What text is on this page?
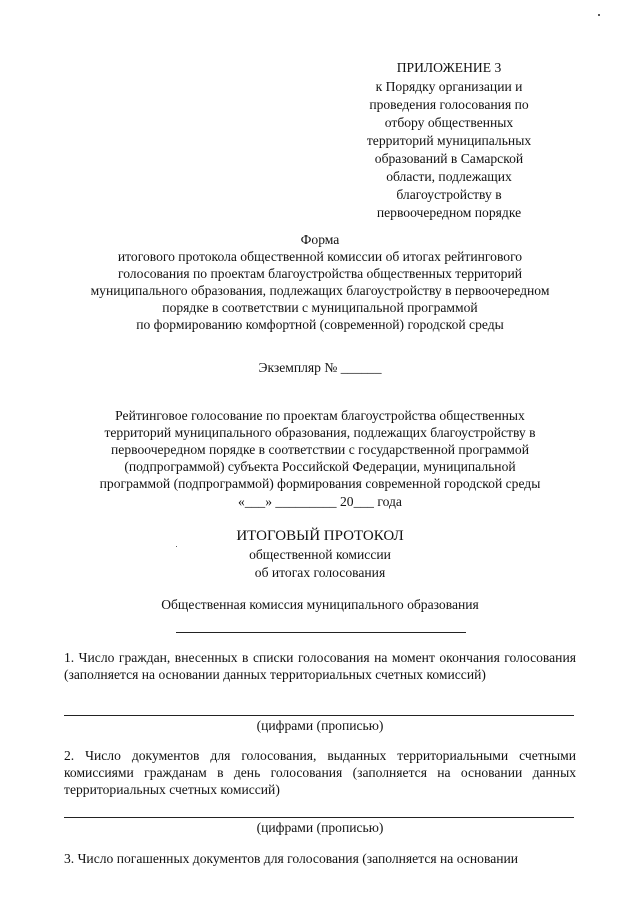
ПРИЛОЖЕНИЕ 3
к Порядку организации и
проведения голосования по
отбору общественных
территорий муниципальных
образований в Самарской
области, подлежащих
благоустройству в
первоочередном порядке
Форма
итогового протокола общественной комиссии об итогах рейтингового
голосования по проектам благоустройства общественных территорий
муниципального образования, подлежащих благоустройству в первоочередном
порядке в соответствии с муниципальной программой
по формированию комфортной (современной) городской среды
Экземпляр № ______
Рейтинговое голосование по проектам благоустройства общественных
территорий муниципального образования, подлежащих благоустройству в
первоочередном порядке в соответствии с государственной программой
(подпрограммой) субъекта Российской Федерации, муниципальной
программой (подпрограммой) формирования современной городской среды
«___» _________ 20___ года
ИТОГОВЫЙ ПРОТОКОЛ
общественной комиссии
об итогах голосования
Общественная комиссия муниципального образования
1. Число граждан, внесенных в списки голосования на момент окончания голосования (заполняется на основании данных территориальных счетных комиссий)
(цифрами (прописью)
2. Число документов для голосования, выданных территориальными счетными комиссиями гражданам в день голосования (заполняется на основании данных территориальных счетных комиссий)
(цифрами (прописью)
3. Число погашенных документов для голосования (заполняется на основании
